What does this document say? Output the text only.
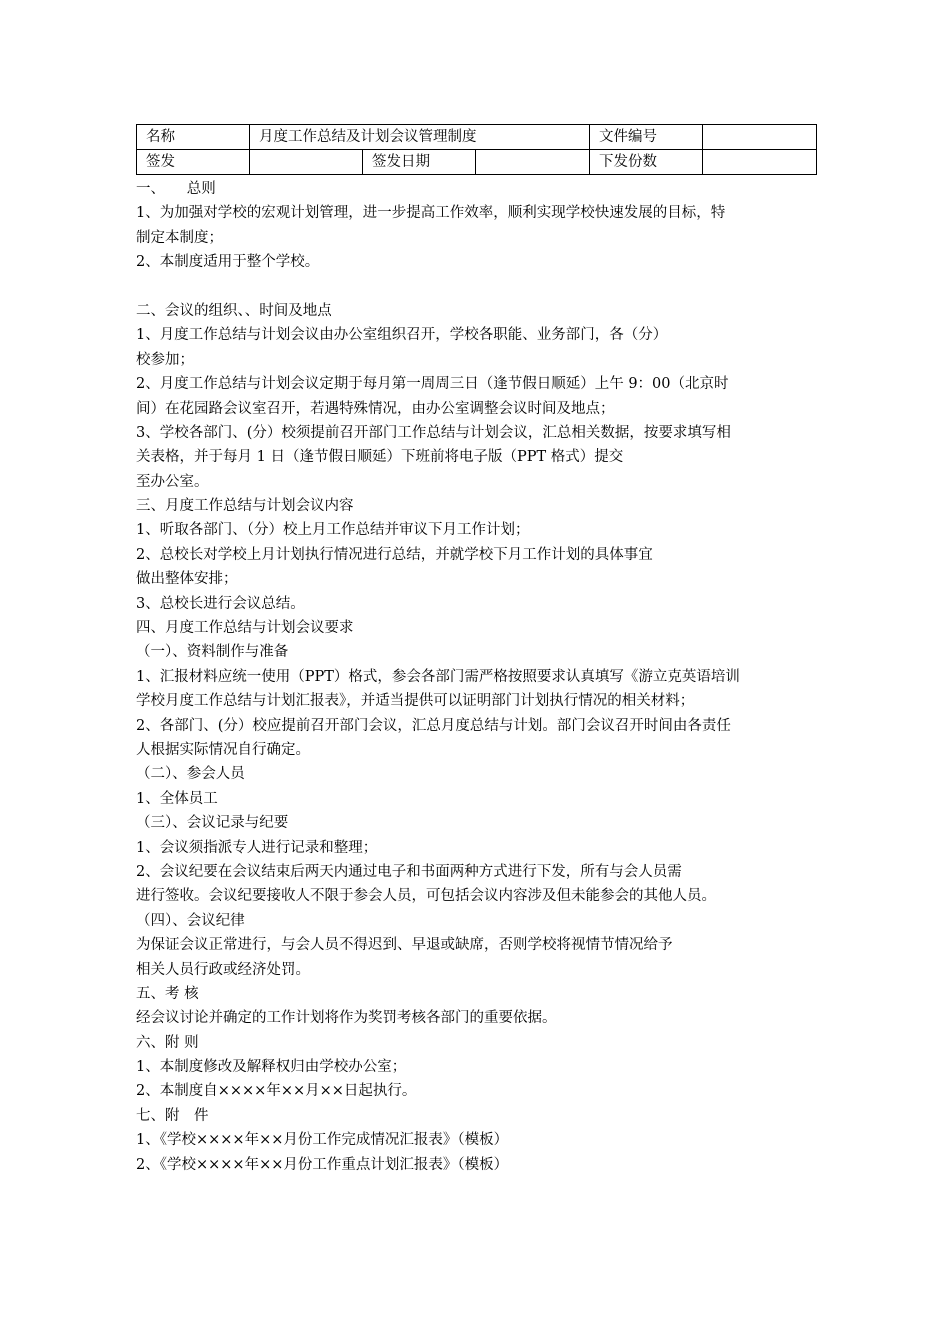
名称	月度工作总结及计划会议管理制度			文件编号	
签发		签发日期		下发份数	
一、　　总则
1、为加强对学校的宏观计划管理，进一步提高工作效率，顺利实现学校快速发展的目标，特
制定本制度；
2、本制度适用于整个学校。
二、会议的组织、、时间及地点
1、月度工作总结与计划会议由办公室组织召开，学校各职能、业务部门，各（分）
校参加；
2、月度工作总结与计划会议定期于每月第一周周三日（逢节假日顺延）上午 9：00（北京时
间）在花园路会议室召开，若遇特殊情况，由办公室调整会议时间及地点；
3、学校各部门、(分）校须提前召开部门工作总结与计划会议，汇总相关数据，按要求填写相
关表格，并于每月 1 日（逢节假日顺延）下班前将电子版（PPT 格式）提交
至办公室。
三、月度工作总结与计划会议内容
1、听取各部门、（分）校上月工作总结并审议下月工作计划；
2、总校长对学校上月计划执行情况进行总结，并就学校下月工作计划的具体事宜
做出整体安排；
3、总校长进行会议总结。
四、月度工作总结与计划会议要求
（一）、资料制作与准备
1、汇报材料应统一使用（PPT）格式，参会各部门需严格按照要求认真填写《游立克英语培训
学校月度工作总结与计划汇报表》，并适当提供可以证明部门计划执行情况的相关材料；
2、各部门、(分）校应提前召开部门会议，汇总月度总结与计划。部门会议召开时间由各责任
人根据实际情况自行确定。
（二）、参会人员
1、全体员工
（三）、会议记录与纪要
1、会议须指派专人进行记录和整理；
2、会议纪要在会议结束后两天内通过电子和书面两种方式进行下发，所有与会人员需
进行签收。会议纪要接收人不限于参会人员，可包括会议内容涉及但未能参会的其他人员。
（四）、会议纪律
为保证会议正常进行，与会人员不得迟到、早退或缺席，否则学校将视情节情况给予
相关人员行政或经济处罚。
五、考 核
经会议讨论并确定的工作计划将作为奖罚考核各部门的重要依据。
六、附 则
1、本制度修改及解释权归由学校办公室；
2、本制度自××××年××月××日起执行。
七、附　件
1、《学校××××年××月份工作完成情况汇报表》（模板）
2、《学校××××年××月份工作重点计划汇报表》（模板）
